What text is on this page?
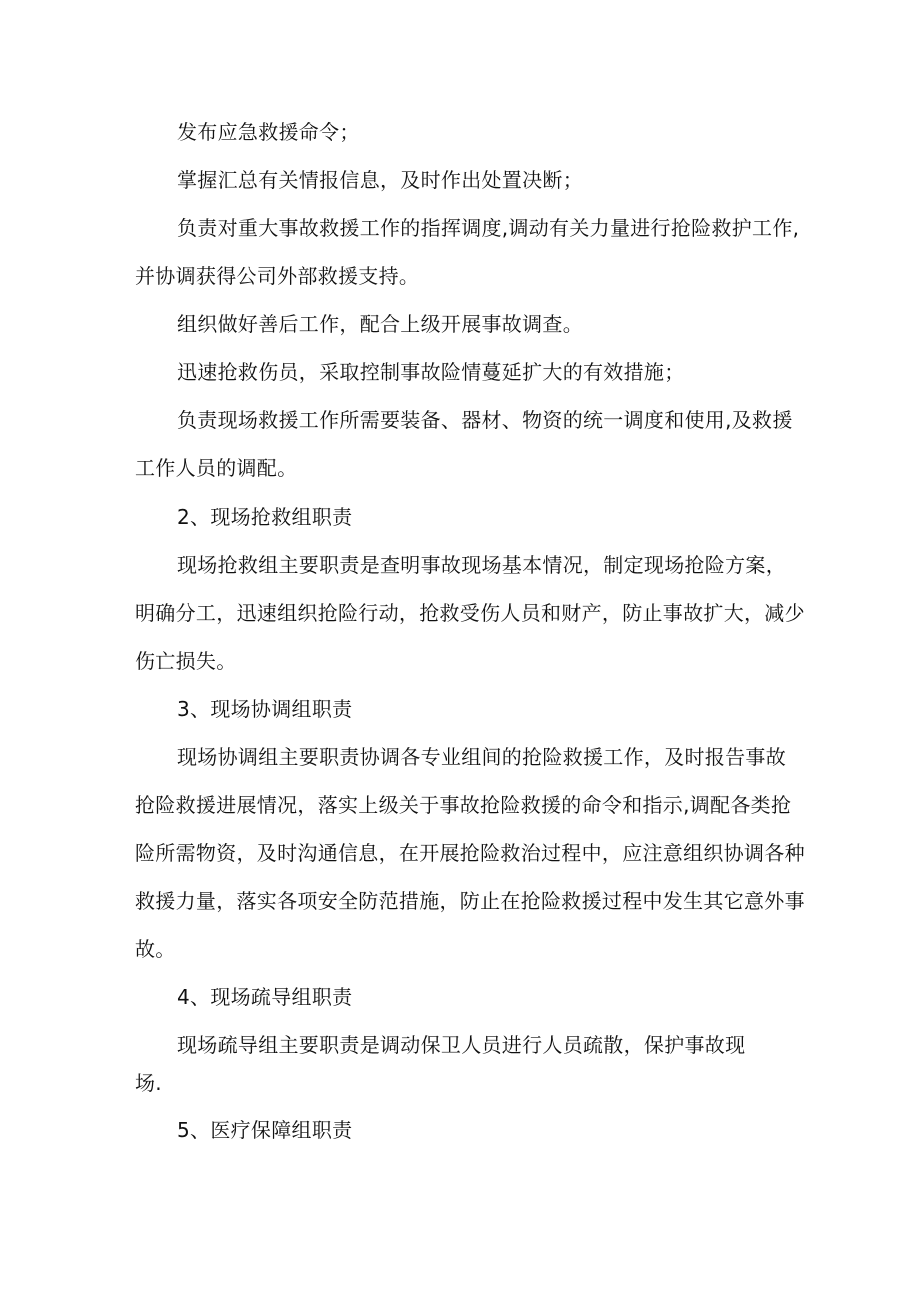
发布应急救援命令；
掌握汇总有关情报信息，及时作出处置决断；
负责对重大事故救援工作的指挥调度,调动有关力量进行抢险救护工作,
并协调获得公司外部救援支持。
组织做好善后工作，配合上级开展事故调查。
迅速抢救伤员，采取控制事故险情蔓延扩大的有效措施；
负责现场救援工作所需要装备、器材、物资的统一调度和使用,及救援
工作人员的调配。
2、现场抢救组职责
现场抢救组主要职责是查明事故现场基本情况，制定现场抢险方案，
明确分工，迅速组织抢险行动，抢救受伤人员和财产，防止事故扩大，减少
伤亡损失。
3、现场协调组职责
现场协调组主要职责协调各专业组间的抢险救援工作，及时报告事故
抢险救援进展情况，落实上级关于事故抢险救援的命令和指示,调配各类抢
险所需物资，及时沟通信息，在开展抢险救治过程中，应注意组织协调各种
救援力量，落实各项安全防范措施，防止在抢险救援过程中发生其它意外事
故。
4、现场疏导组职责
现场疏导组主要职责是调动保卫人员进行人员疏散，保护事故现
场.
5、医疗保障组职责
